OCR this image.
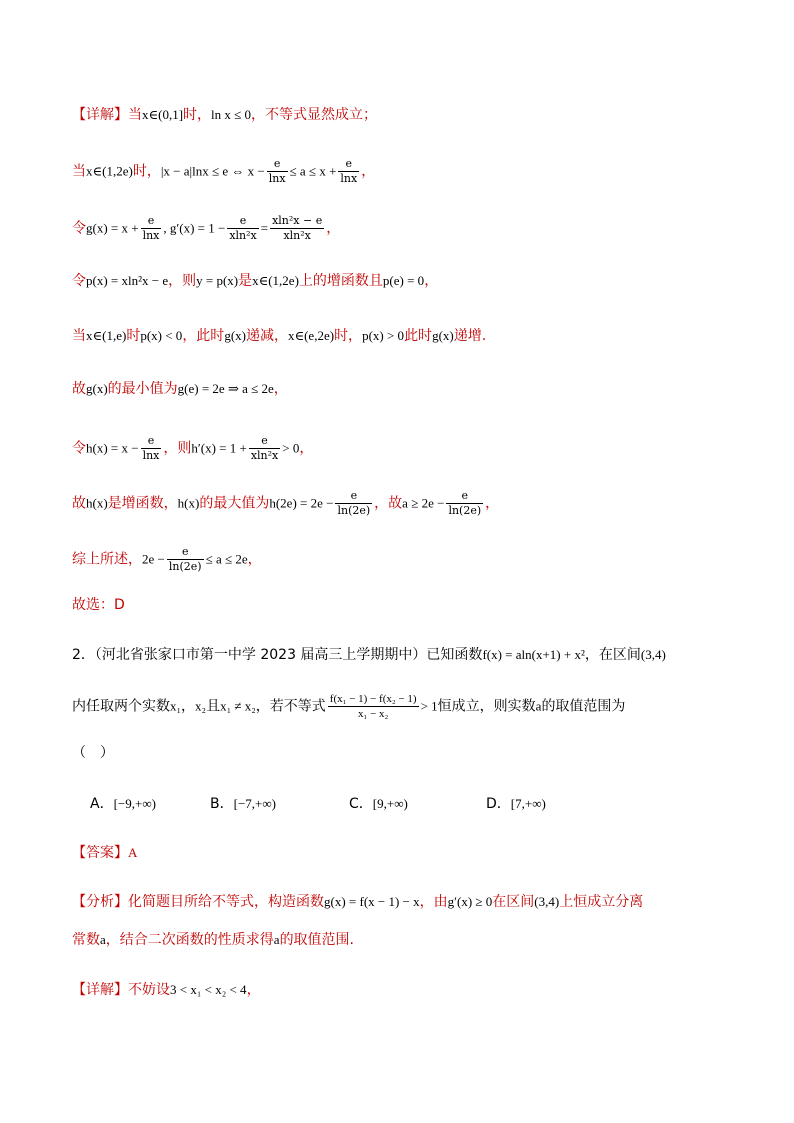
【详解】当x∈(0,1]时，ln x ≤ 0，不等式显然成立；
当x∈(1,2e)时，|x − a|lnx ≤ e ⇔ $x - \frac{e}{\ln x} \le a \le x + \frac{e}{\ln x}$ ，
令$g(x) = x + \frac{e}{\ln x}$ , $g'(x) = 1 - \frac{e}{\text{xln²x}} = \frac{\text{xln²x − e}}{\text{xln²x}}$ ，
令p(x) = xln²x − e，则y = p(x)是x∈(1,2e)上的增函数且p(e) = 0，
当x∈(1,e)时p(x) < 0，此时g(x)递减，x∈(e,2e)时，p(x) > 0此时g(x)递增.
故g(x)的最小值为g(e) = 2e ⇒ a ≤ 2e，
令$h(x) = x - \frac{e}{\ln x}$ ，则$h'(x) = 1 + \frac{e}{\text{xln²x}} > 0$，
故h(x)是增函数，h(x)的最大值为$h(2e) = 2e - \frac{e}{\ln(2e)}$ ，故$a \ge 2e - \frac{e}{\ln(2e)}$ ，
综上所述，$2e - \frac{e}{\ln(2e)} \le a \le 2e$，
故选：D
2．（河北省张家口市第一中学 2023 届高三上学期期中）已知函数f(x) = aln(x+1) + x²，在区间(3,4)
内任取两个实数x₁，x₂且x₁ ≠ x₂，若不等式 $\frac{\text{f(x₁ − 1) − f(x₂ − 1)}}{\text{x₁ − x₂}} > 1$恒成立，则实数a的取值范围为
（　）
A．[−9,+∞)	B．[−7,+∞)	C．[9,+∞)	D．[7,+∞)
【答案】A
【分析】化简题目所给不等式，构造函数g(x) = f(x − 1) − x，由g′(x) ≥ 0在区间(3,4)上恒成立分离
常数a，结合二次函数的性质求得a的取值范围.
【详解】不妨设3 < x₁ < x₂ < 4，
